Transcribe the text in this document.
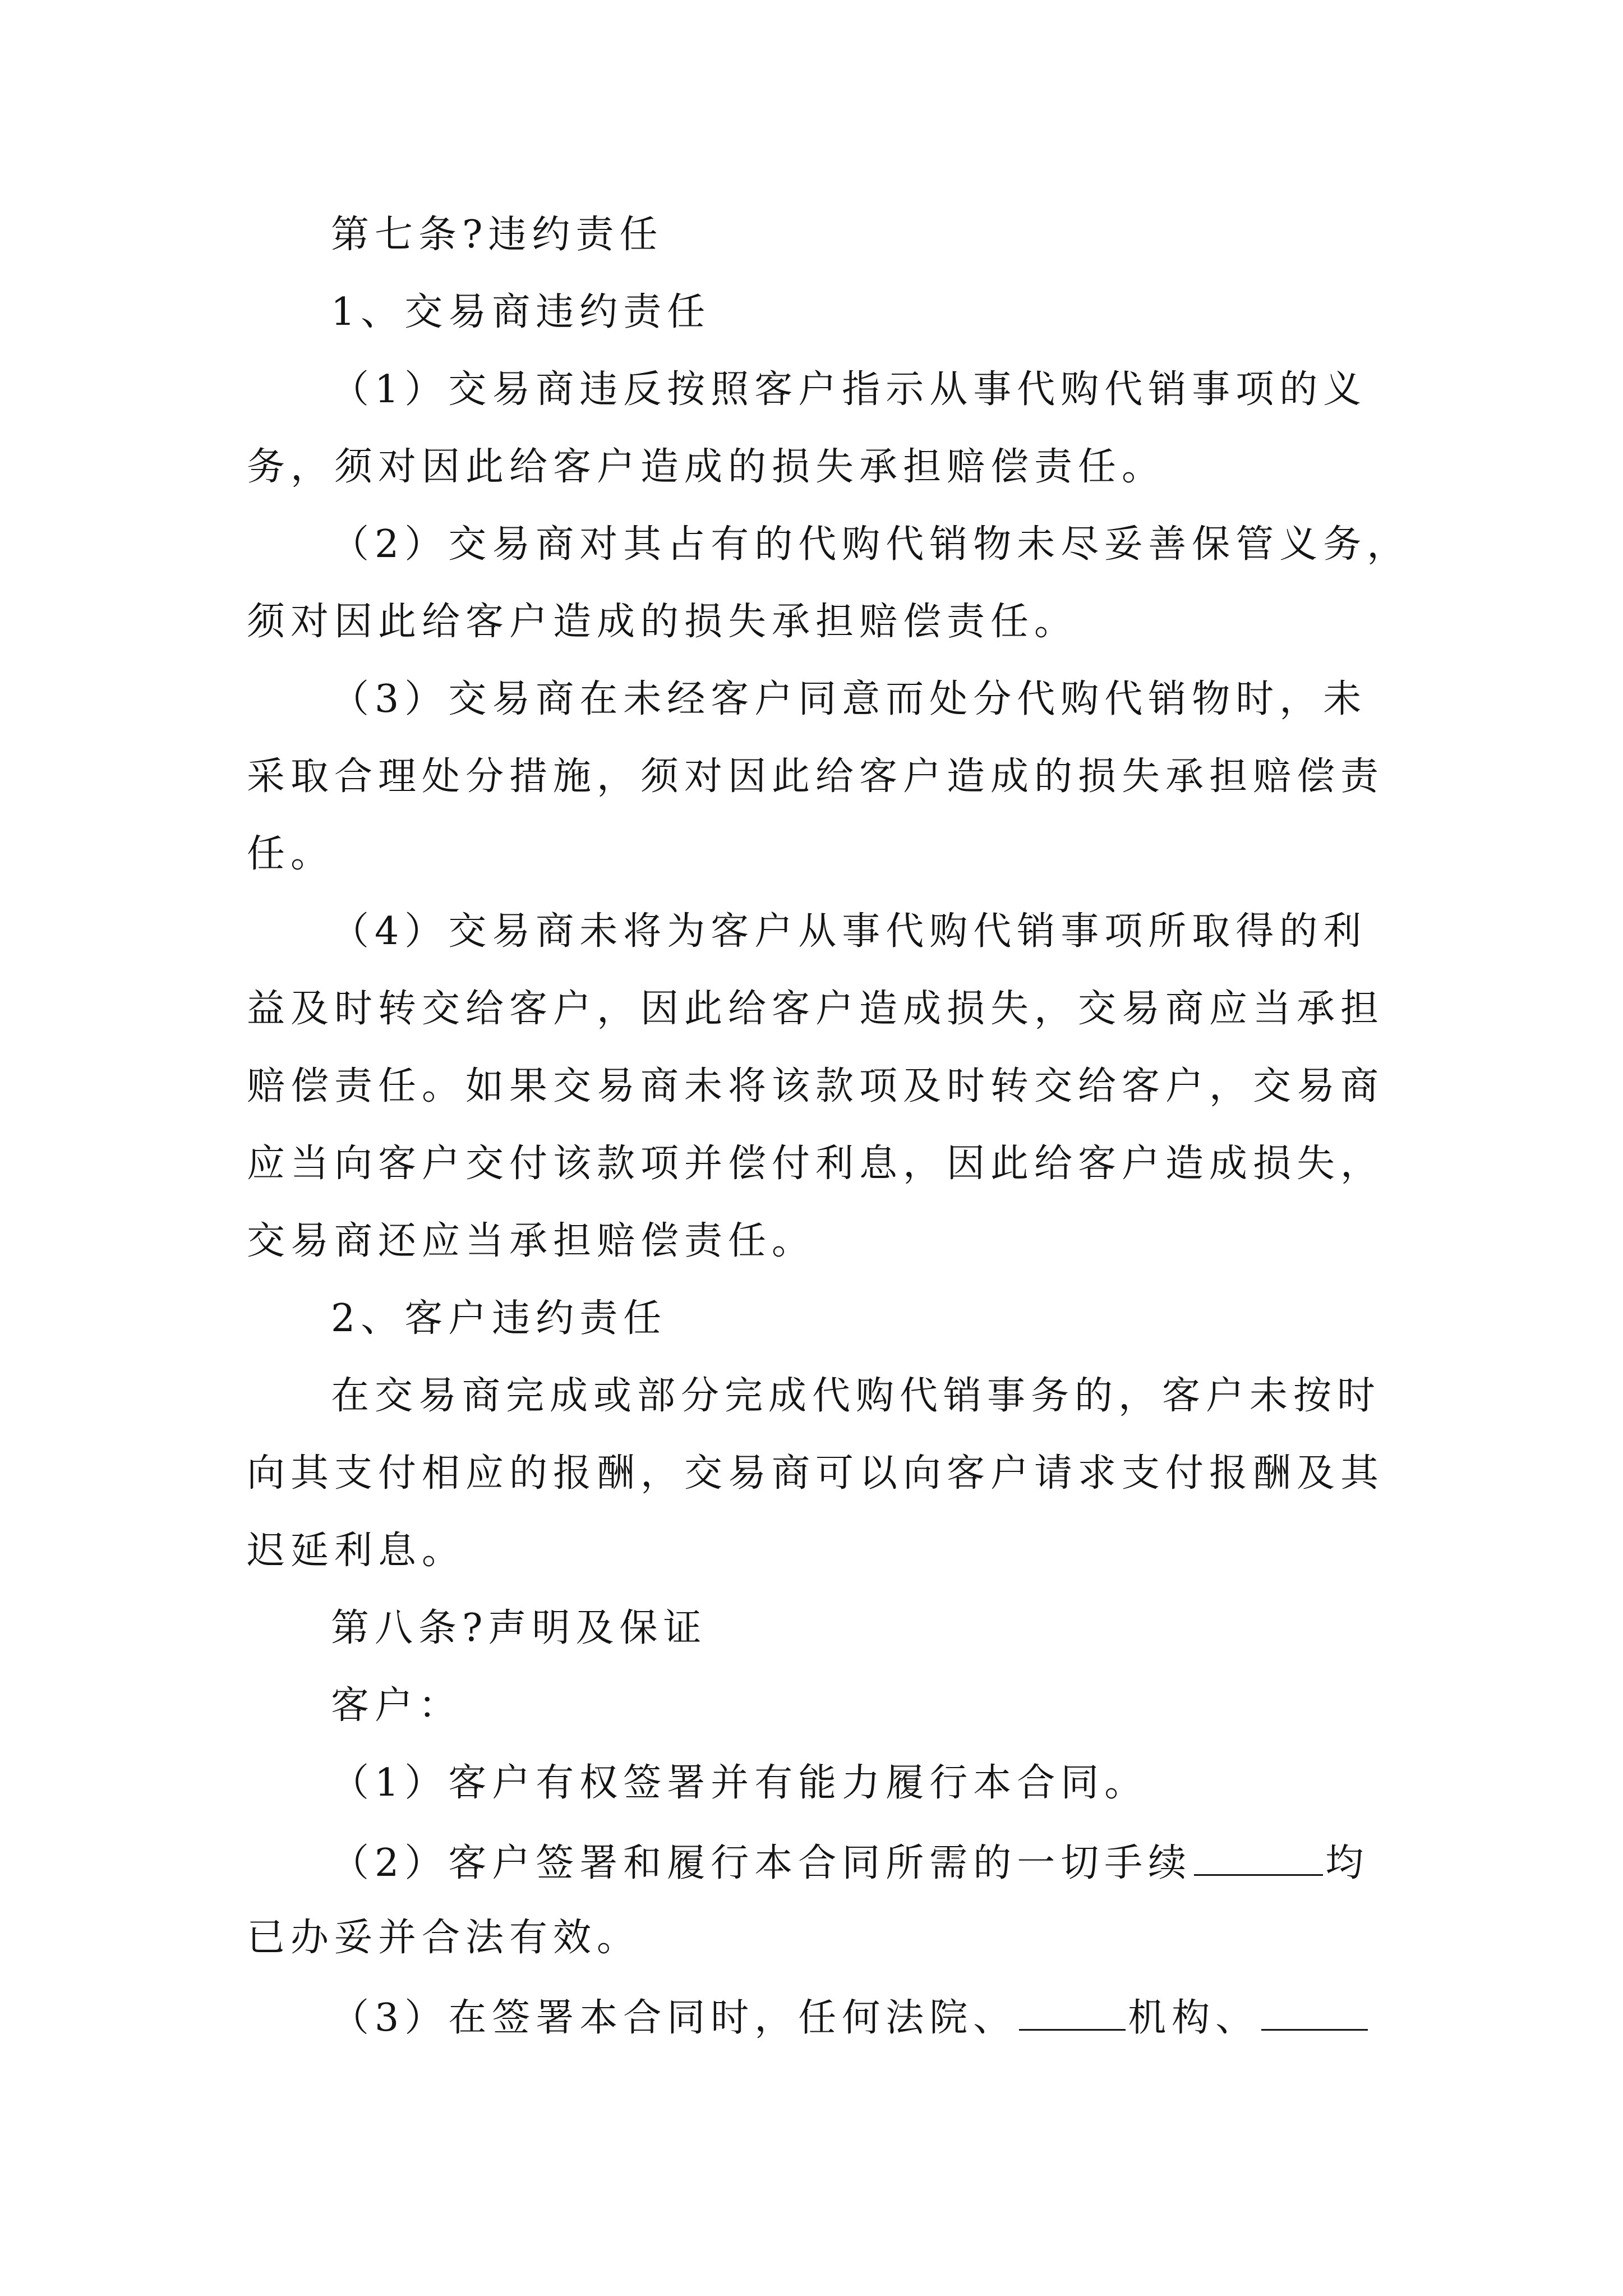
第七条?违约责任
1、交易商违约责任
（1）交易商违反按照客户指示从事代购代销事项的义
务，须对因此给客户造成的损失承担赔偿责任。
（2）交易商对其占有的代购代销物未尽妥善保管义务，
须对因此给客户造成的损失承担赔偿责任。
（3）交易商在未经客户同意而处分代购代销物时，未
采取合理处分措施，须对因此给客户造成的损失承担赔偿责
任。
（4）交易商未将为客户从事代购代销事项所取得的利
益及时转交给客户，因此给客户造成损失，交易商应当承担
赔偿责任。如果交易商未将该款项及时转交给客户，交易商
应当向客户交付该款项并偿付利息，因此给客户造成损失，
交易商还应当承担赔偿责任。
2、客户违约责任
在交易商完成或部分完成代购代销事务的，客户未按时
向其支付相应的报酬，交易商可以向客户请求支付报酬及其
迟延利息。
第八条?声明及保证
客户：
（1）客户有权签署并有能力履行本合同。
（2）客户签署和履行本合同所需的一切手续	均
已办妥并合法有效。
（3）在签署本合同时，任何法院、	机构、
